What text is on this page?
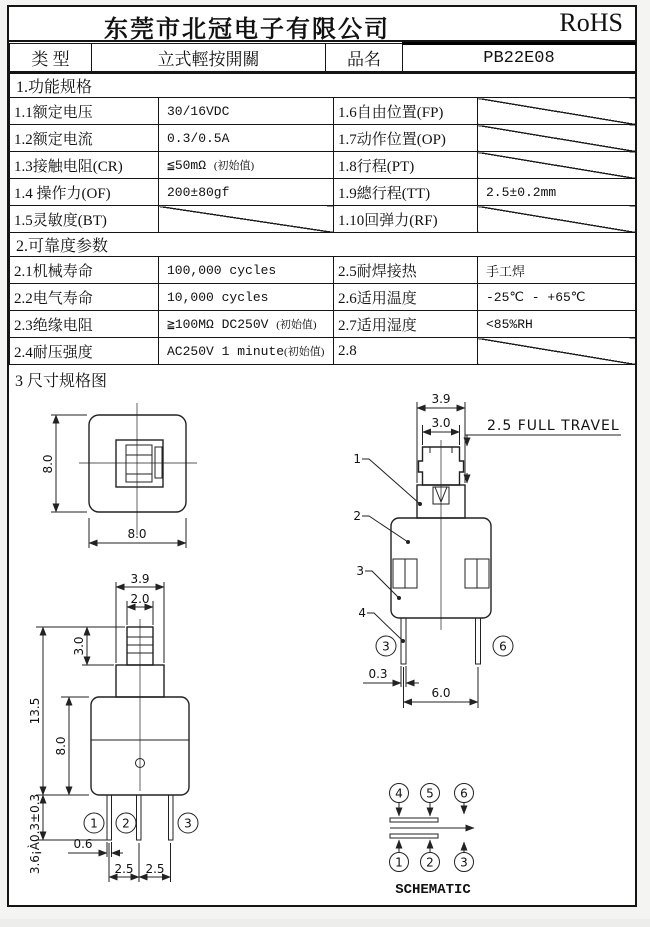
东莞市北冠电子有限公司	RoHS
类 型	立式輕按開關	品名	PB22E08
1.功能规格			
1.1额定电压	30/16VDC	1.6自由位置(FP)	
1.2额定电流	0.3/0.5A	1.7动作位置(OP)	
1.3接触电阻(CR)	≦50mΩ (初始值)	1.8行程(PT)	
1.4 操作力(OF)	200±80gf	1.9總行程(TT)	2.5±0.2mm
1.5灵敏度(BT)		1.10回弹力(RF)	
2.可靠度参数			
2.1机械寿命	100,000 cycles	2.5耐焊接热	手工焊
2.2电气寿命	10,000 cycles	2.6适用温度	-25℃ - +65℃
2.3绝缘电阻	≧100MΩ DC250V (初始值)	2.7适用湿度	<85%RH
2.4耐压强度	AC250V 1 minute(初始值)	2.8	
3 尺寸规格图
8.0
8.0
3.9
3.0	2.5 FULL TRAVEL
1
2
3
4
3	6
0.3
6.0
3.9
2.0
3.0
13.5
8.0
3.6¡À0.3±0.3	1 2	3
0.6
2.5 2.5
4 5 6
1 2 3
SCHEMATIC
